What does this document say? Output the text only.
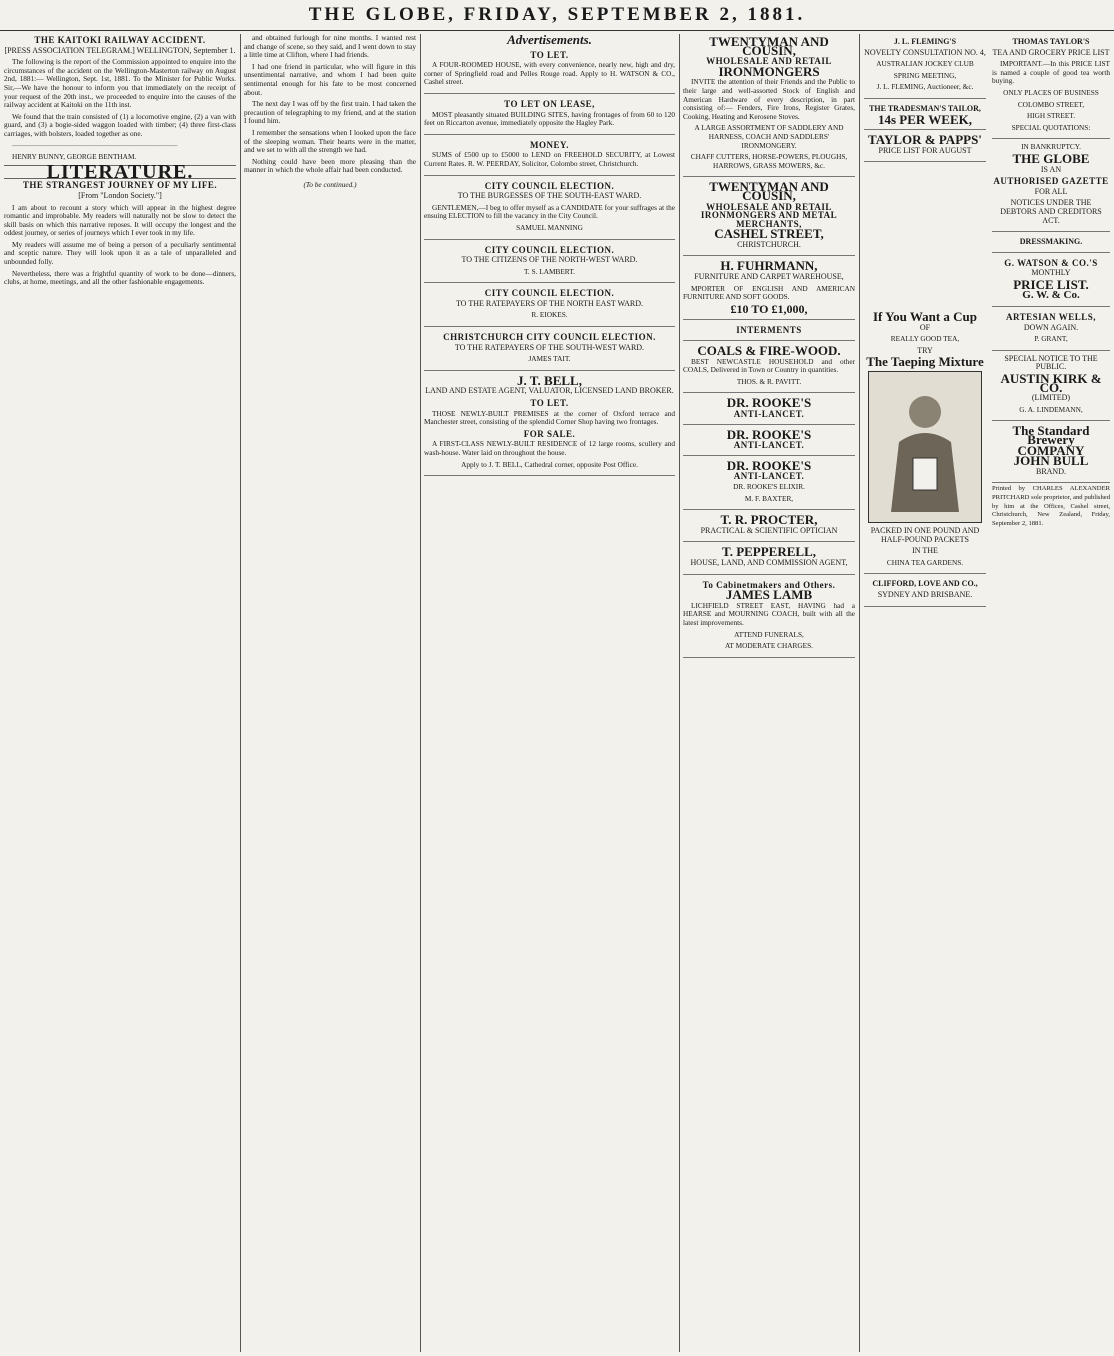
THE GLOBE, FRIDAY, SEPTEMBER 2, 1881.
THE KAITOKI RAILWAY ACCIDENT.

[PRESS ASSOCIATION TELEGRAM.] WELLINGTON, September 1.

The following is the report of the Commission appointed to enquire into the circumstances of the accident on the Wellington-Masterton railway on August 2nd, 1881:— Wellington, Sept. 1st, 1881. To the Minister for Public Works. Sir,—We have the honour to inform you that immediately on the receipt of your request of the 20th inst., we proceeded to enquire into the causes of the railway accident at Kaitoki on the 11th inst.

We found that the train consisted of (1) a locomotive engine, (2) a van with guard, and (3) a bogie-sided waggon loaded with timber; (4) three first-class carriages, with bolsters, loaded together as one.

────────────────────────────────

HENRY BUNNY, GEORGE BENTHAM.

LITERATURE.
THE STRANGEST JOURNEY OF MY LIFE.

[From "London Society."]

I am about to recount a story which will appear in the highest degree romantic and improbable. My readers will naturally not be slow to detect the skill basis on which this narrative reposes. It will occupy the longest and the oddest journey, or series of journeys which I ever took in my life.

My readers will assume me of being a person of a peculiarly sentimental and sceptic nature. They will look upon it as a tale of unparalleled and unbounded folly.

Nevertheless, there was a frightful quantity of work to be done—dinners, clubs, at home, meetings, and all the other fashionable engagements.

and obtained furlough for nine months. I wanted rest and change of scene, so they said, and I went down to stay a little time at Clifton, where I had friends.

I had one friend in particular, who will figure in this unsentimental narrative, and whom I had been quite sentimental enough for his fate to be most concerned about.

The next day I was off by the first train. I had taken the precaution of telegraphing to my friend, and at the station I found him.

I remember the sensations when I looked upon the face of the sleeping woman. Their hearts were in the matter, and we set to with all the strength we had.

Nothing could have been more pleasing than the manner in which the whole affair had been conducted.

(To be continued.)

Advertisements.
TO LET.

A FOUR-ROOMED HOUSE, with every convenience, nearly new, high and dry, corner of Springfield road and Pelles Rouge road. Apply to H. WATSON & CO., Cashel street.

TO LET ON LEASE,

MOST pleasantly situated BUILDING SITES, having frontages of from 60 to 120 feet on Riccarton avenue, immediately opposite the Hagley Park.

MONEY.

SUMS of £500 up to £5000 to LEND on FREEHOLD SECURITY, at Lowest Current Rates. R. W. PEERDAY, Solicitor, Colombo street, Christchurch.

CITY COUNCIL ELECTION.

TO THE BURGESSES OF THE SOUTH-EAST WARD.

GENTLEMEN,—I beg to offer myself as a CANDIDATE for your suffrages at the ensuing ELECTION to fill the vacancy in the City Council.

SAMUEL MANNING

CITY COUNCIL ELECTION.

TO THE CITIZENS OF THE NORTH-WEST WARD.

T. S. LAMBERT.

CITY COUNCIL ELECTION.

TO THE RATEPAYERS OF THE NORTH EAST WARD.

R. EIOKES.

CHRISTCHURCH CITY COUNCIL ELECTION.

TO THE RATEPAYERS OF THE SOUTH-WEST WARD.

JAMES TAIT.

J. T. BELL,

LAND AND ESTATE AGENT, VALUATOR, LICENSED LAND BROKER.

TO LET.

THOSE NEWLY-BUILT PREMISES at the corner of Oxford terrace and Manchester street, consisting of the splendid Corner Shop having two frontages.

FOR SALE.

A FIRST-CLASS NEWLY-BUILT RESIDENCE of 12 large rooms, scullery and wash-house. Water laid on throughout the house.

Apply to J. T. BELL, Cathedral corner, opposite Post Office.

TWENTYMAN AND COUSIN,
WHOLESALE AND RETAIL
IRONMONGERS

INVITE the attention of their Friends and the Public to their large and well-assorted Stock of English and American Hardware of every description, in part consisting of:— Fenders, Fire Irons, Register Grates, Cooking, Heating and Kerosene Stoves.

A LARGE ASSORTMENT OF SADDLERY AND HARNESS, COACH AND SADDLERS' IRONMONGERY.

CHAFF CUTTERS, HORSE-POWERS, PLOUGHS, HARROWS, GRASS MOWERS, &c.

TWENTYMAN AND COUSIN,
WHOLESALE AND RETAIL IRONMONGERS AND METAL MERCHANTS,
CASHEL STREET,

CHRISTCHURCH.

H. FUHRMANN,

FURNITURE AND CARPET WAREHOUSE,

MPORTER OF ENGLISH AND AMERICAN FURNITURE AND SOFT GOODS.

£10 TO £1,000,

INTERMENTS
COALS & FIRE-WOOD.

BEST NEWCASTLE HOUSEHOLD and other COALS, Delivered in Town or Country in quantities.

THOS. & R. PAVITT.

DR. ROOKE'S
ANTI-LANCET.
DR. ROOKE'S
ANTI-LANCET.
DR. ROOKE'S
ANTI-LANCET.

DR. ROOKE'S ELIXIR.

M. F. BAXTER,

T. R. PROCTER,

PRACTICAL & SCIENTIFIC OPTICIAN

T. PEPPERELL,

HOUSE, LAND, AND COMMISSION AGENT,

To Cabinetmakers and Others.
JAMES LAMB

LICHFIELD STREET EAST, HAVING had a HEARSE and MOURNING COACH, built with all the latest improvements.

ATTEND FUNERALS,

AT MODERATE CHARGES.

J. L. FLEMING'S

NOVELTY CONSULTATION NO. 4,

AUSTRALIAN JOCKEY CLUB

SPRING MEETING,

J. L. FLEMING, Auctioneer, &c.

THE TRADESMAN'S TAILOR,
14s PER WEEK,
TAYLOR & PAPPS'

PRICE LIST FOR AUGUST

THOMAS TAYLOR'S

TEA AND GROCERY PRICE LIST

IMPORTANT.—In this PRICE LIST is named a couple of good tea worth buying.

ONLY PLACES OF BUSINESS

COLOMBO STREET,

HIGH STREET.

SPECIAL QUOTATIONS:

IN BANKRUPTCY.

THE GLOBE

IS AN

AUTHORISED GAZETTE

FOR ALL

NOTICES UNDER THE DEBTORS AND CREDITORS ACT.

DRESSMAKING.
G. WATSON & CO.'S

MONTHLY

PRICE LIST.

G. W. & Co.

If You Want a Cup

OF

REALLY GOOD TEA,

TRY

The Taeping Mixture

PACKED IN ONE POUND AND HALF-POUND PACKETS

IN THE

CHINA TEA GARDENS.

CLIFFORD, LOVE AND CO.,

SYDNEY AND BRISBANE.

ARTESIAN WELLS,

DOWN AGAIN.

P. GRANT,

SPECIAL NOTICE TO THE PUBLIC.

AUSTIN KIRK & CO.

(LIMITED)

G. A. LINDEMANN,

The Standard Brewery
COMPANY
JOHN BULL

BRAND.

Printed by CHARLES ALEXANDER PRITCHARD sole proprietor, and published by him at the Offices, Cashel street, Christchurch, New Zealand, Friday, September 2, 1881.
